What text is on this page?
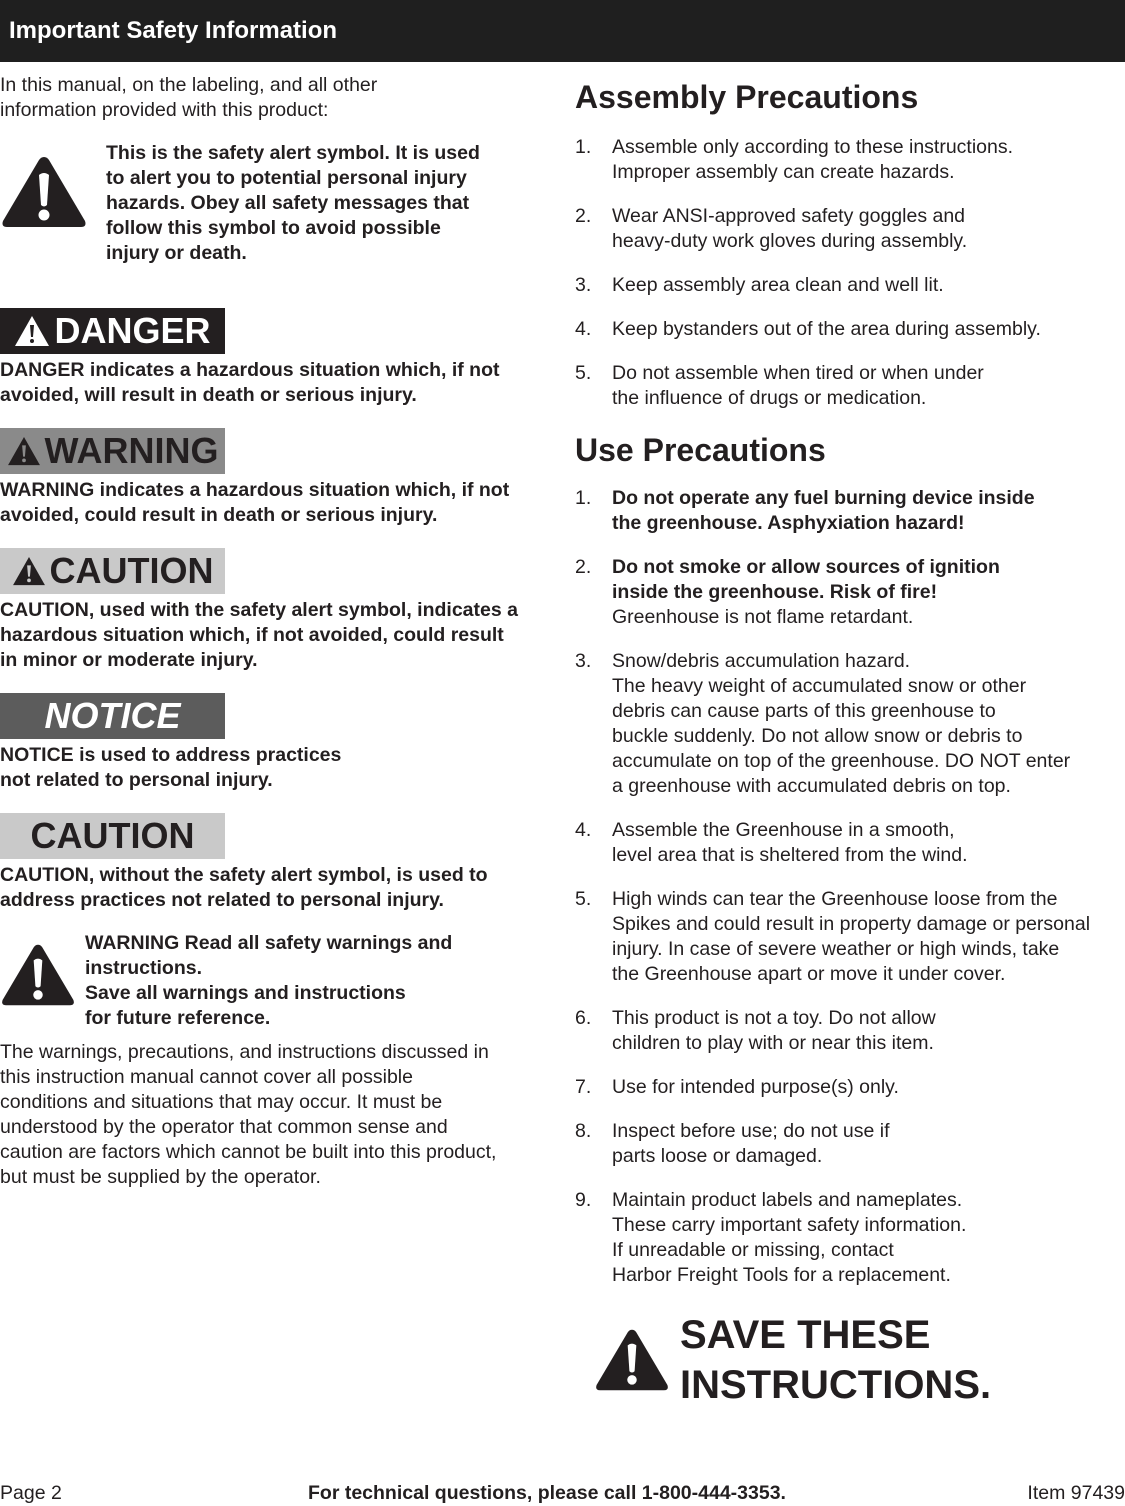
Important Safety Information

In this manual, on the labeling, and all other
information provided with this product:

This is the safety alert symbol. It is used to alert you to potential personal injury hazards. Obey all safety messages that follow this symbol to avoid possible injury or death.

DANGER

DANGER indicates a hazardous situation which, if not avoided, will result in death or serious injury.

WARNING

WARNING indicates a hazardous situation which, if not avoided, could result in death or serious injury.

CAUTION

CAUTION, used with the safety alert symbol, indicates a hazardous situation which, if not avoided, could result in minor or moderate injury.

NOTICE

NOTICE is used to address practices
not related to personal injury.

CAUTION

CAUTION, without the safety alert symbol, is used to address practices not related to personal injury.

WARNING Read all safety warnings and instructions.
Save all warnings and instructions
for future reference.

The warnings, precautions, and instructions discussed in this instruction manual cannot cover all possible conditions and situations that may occur. It must be understood by the operator that common sense and caution are factors which cannot be built into this product, but must be supplied by the operator.

Assembly Precautions
1.	Assemble only according to these instructions.
Improper assembly can create hazards.
2.	Wear ANSI-approved safety goggles and
heavy-duty work gloves during assembly.
3.	Keep assembly area clean and well lit.
4.	Keep bystanders out of the area during assembly.
5.	Do not assemble when tired or when under
the influence of drugs or medication.
Use Precautions
1.	Do not operate any fuel burning device inside
the greenhouse. Asphyxiation hazard!
2.	Do not smoke or allow sources of ignition
inside the greenhouse. Risk of fire!
Greenhouse is not flame retardant.
3.	Snow/debris accumulation hazard.
The heavy weight of accumulated snow or other
debris can cause parts of this greenhouse to
buckle suddenly. Do not allow snow or debris to
accumulate on top of the greenhouse. DO NOT enter
a greenhouse with accumulated debris on top.
4.	Assemble the Greenhouse in a smooth,
level area that is sheltered from the wind.
5.	High winds can tear the Greenhouse loose from the
Spikes and could result in property damage or personal
injury. In case of severe weather or high winds, take
the Greenhouse apart or move it under cover.
6.	This product is not a toy. Do not allow
children to play with or near this item.
7.	Use for intended purpose(s) only.
8.	Inspect before use; do not use if
parts loose or damaged.
9.	Maintain product labels and nameplates.
These carry important safety information.
If unreadable or missing, contact
Harbor Freight Tools for a replacement.
SAVE THESE
INSTRUCTIONS.
Page 2	For technical questions, please call 1-800-444-3353.	Item 97439
